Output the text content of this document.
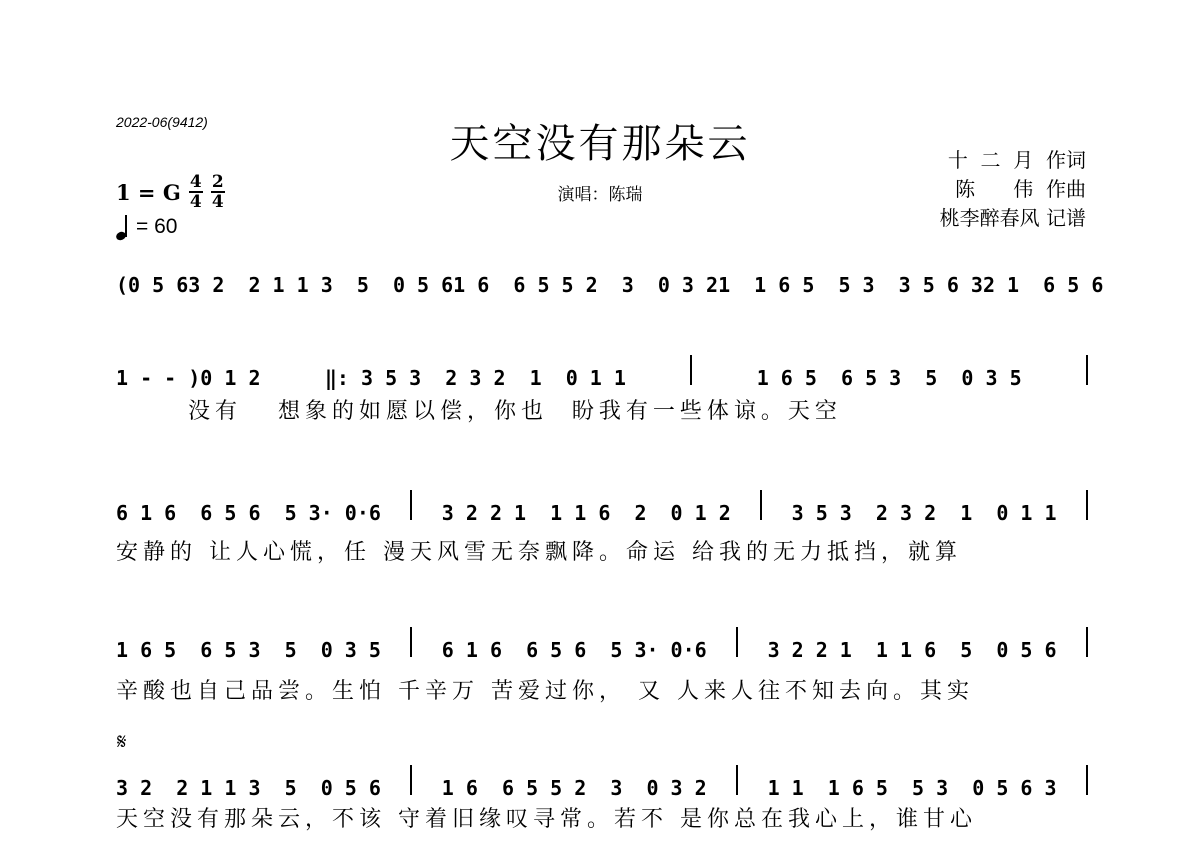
2022-06(9412)	天空没有那朵云
演唱：陈瑞
十  二  月  作词
陈      伟  作曲
桃李醉春风 记谱
1 = G $\frac{4}{4} \frac{2}{4}$
= 60
(0 5 6 3 2  2 1 1 3  5  0 5 6 1 6  6 5 5 2  3  0 3 2 1  1 6 5  5 3  3 5 6 3 2 1  6 5 6
1 - - )0 1 2	‖: 3 5 3  2 3 2  1  0 1 1	1 6 5  6 5 3  5  0 3 5
没有   想象的如愿以偿，你也  盼我有一些体谅。天空
6 1 6  6 5 6  5 3· 0·6	3 2 2 1  1 1 6  2  0 1 2	3 5 3  2 3 2  1  0 1 1
安静的 让人心慌，任 漫天风雪无奈飘降。命运 给我的无力抵挡，就算
1 6 5  6 5 3  5  0 3 5	6 1 6  6 5 6  5 3· 0·6	3 2 2 1  1 1 6  5  0 5 6
辛酸也自己品尝。生怕 千辛万 苦爱过你， 又 人来人往不知去向。其实
𝄋
3 2  2 1 1 3  5  0 5 6	1 6  6 5 5 2  3  0 3 2	1 1  1 6 5  5 3  0 5 6 3
天空没有那朵云，不该 守着旧缘叹寻常。若不 是你总在我心上，谁甘心
